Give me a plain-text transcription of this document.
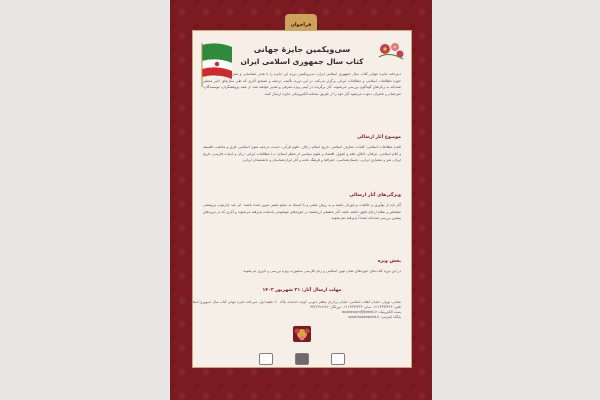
فراخوان
سی‌ویکمین جایزهٔ جهانی
کتاب سال جمهوری اسلامی ایران
دبیرخانه جایزه جهانی کتاب سال جمهوری اسلامی ایران، سی‌ویکمین دوره این جایزه را با هدف شناسایی و معرفی آثار ارزشمند در حوزه مطالعات اسلامی و مطالعات ایرانی برگزار می‌کند. در این دوره، تألیف، ترجمه و تصحیح آثاری که طی سال‌های اخیر منتشر شده‌اند به زبان‌های گوناگون بررسی می‌شوند. آثار برگزیده در آیینی ویژه معرفی و تقدیر خواهند شد. از همه پژوهشگران، نویسندگان، مترجمان و ناشران دعوت می‌شود آثار خود را از طریق سامانه الکترونیکی جایزه ارسال کنند.
موضوع آثار ارسالی
الف) مطالعات اسلامی: کلیات، معارف اسلامی، تاریخ اسلام، رجال، علوم قرآنی، حدیث، ترجمه متون اسلامی، فرق و مذاهب، فلسفه و کلام اسلامی، عرفان، اخلاق، فقه و اصول، اقتصاد و علوم سیاسی از منظر اسلام؛ ب) مطالعات ایرانی: زبان و ادبیات فارسی، تاریخ ایران، هنر و معماری ایرانی، باستان‌شناسی، جغرافیا و فرهنگ عامه و آثار ایران‌شناسان و دانشمندان ایرانی.
ویژگی‌های آثار ارسالی
آثار باید از نوآوری و خلاقیت برخوردار باشند و به روش علمی و با استناد به منابع معتبر تدوین شده باشند. اثر باید چارچوب پژوهشی مشخص و نظام ارجاع دقیق داشته باشد. آثار تحقیقی ارزشمند در حوزه‌های موضوعی یادشده پذیرفته می‌شوند و آثاری که در دوره‌های پیشین بررسی شده‌اند مجدداً پذیرفته نمی‌شوند.
بخش ویژه
در این دوره کتاب‌های حوزه‌های تمدن نوین اسلامی و زبان فارسی به‌صورت ویژه بررسی و داوری می‌شوند.
مهلت ارسال آثار: ۳۱ شهریور ۱۴۰۲
نشانی: تهران، خیابان انقلاب اسلامی، خیابان برادران مظفر جنوبی، کوچه خدابنده، پلاک ۲۰، طبقه اول، دبیرخانه جایزه جهانی کتاب سال جمهوری اسلامی ایران
تلفن: ۰۲۱۶۶۴۹۳۴۶۳ نمابر: ۰۲۱۶۶۴۹۳۴۶۴ دورنگار: ۰۹۳۳۶۳۲۶۲۷۲
پست الکترونیک: bookaward@ketab.ir
پایگاه اینترنتی: www.bookaward.ir
